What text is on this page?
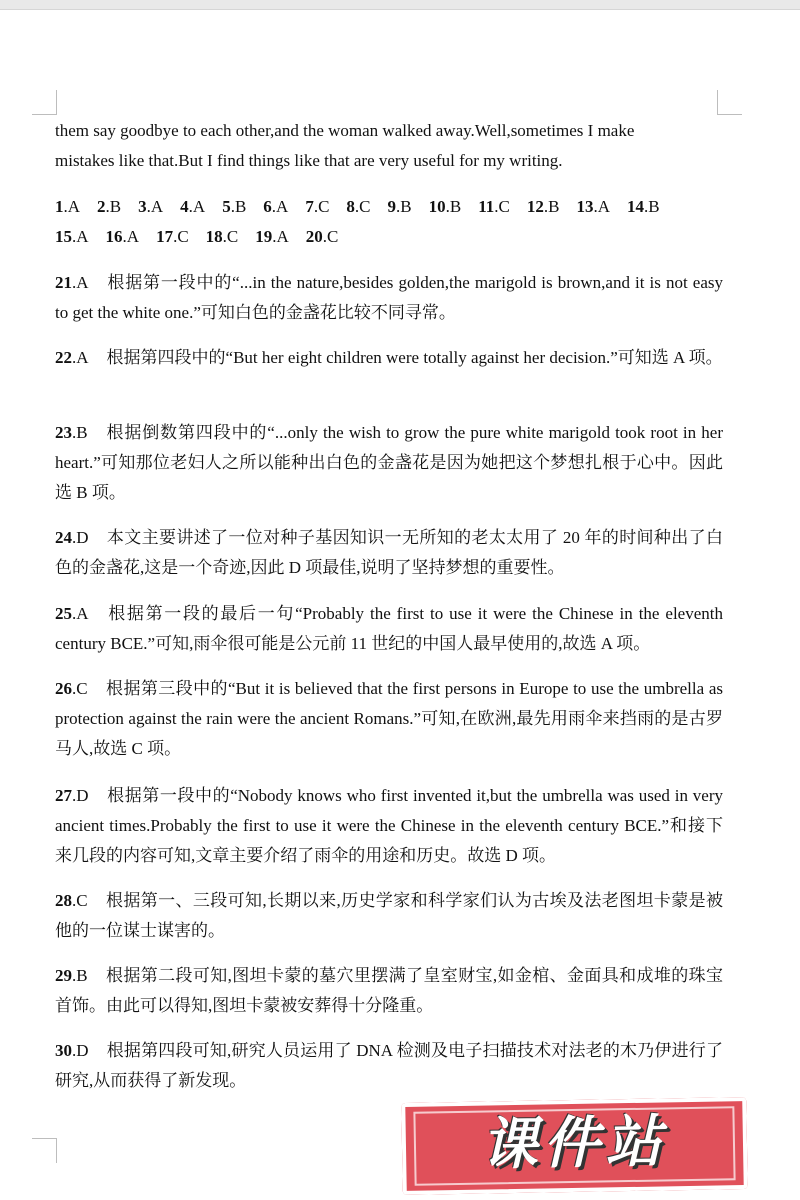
them say goodbye to each other,and the woman walked away.Well,sometimes I make
mistakes like that.But I find things like that are very useful for my writing.
1.A 2.B 3.A 4.A 5.B 6.A 7.C 8.C 9.B 10.B 11.C 12.B 13.A 14.B
15.A 16.A 17.C 18.C 19.A 20.C
21.A 根据第一段中的“...in the nature,besides golden,the marigold is brown,and it is not easy to get the white one.”可知白色的金盏花比较不同寻常。
22.A 根据第四段中的“But her eight children were totally against her decision.”可知选 A 项。
23.B 根据倒数第四段中的“...only the wish to grow the pure white marigold took root in her heart.”可知那位老妇人之所以能种出白色的金盏花是因为她把这个梦想扎根于心中。因此选 B 项。
24.D 本文主要讲述了一位对种子基因知识一无所知的老太太用了 20 年的时间种出了白色的金盏花,这是一个奇迹,因此 D 项最佳,说明了坚持梦想的重要性。
25.A 根据第一段的最后一句“Probably the first to use it were the Chinese in the eleventh century BCE.”可知,雨伞很可能是公元前 11 世纪的中国人最早使用的,故选 A 项。
26.C 根据第三段中的“But it is believed that the first persons in Europe to use the umbrella as protection against the rain were the ancient Romans.”可知,在欧洲,最先用雨伞来挡雨的是古罗马人,故选 C 项。
27.D 根据第一段中的“Nobody knows who first invented it,but the umbrella was used in very ancient times.Probably the first to use it were the Chinese in the eleventh century BCE.”和接下来几段的内容可知,文章主要介绍了雨伞的用途和历史。故选 D 项。
28.C 根据第一、三段可知,长期以来,历史学家和科学家们认为古埃及法老图坦卡蒙是被他的一位谋士谋害的。
29.B 根据第二段可知,图坦卡蒙的墓穴里摆满了皇室财宝,如金棺、金面具和成堆的珠宝首饰。由此可以得知,图坦卡蒙被安葬得十分隆重。
30.D 根据第四段可知,研究人员运用了 DNA 检测及电子扫描技术对法老的木乃伊进行了研究,从而获得了新发现。
课件站
